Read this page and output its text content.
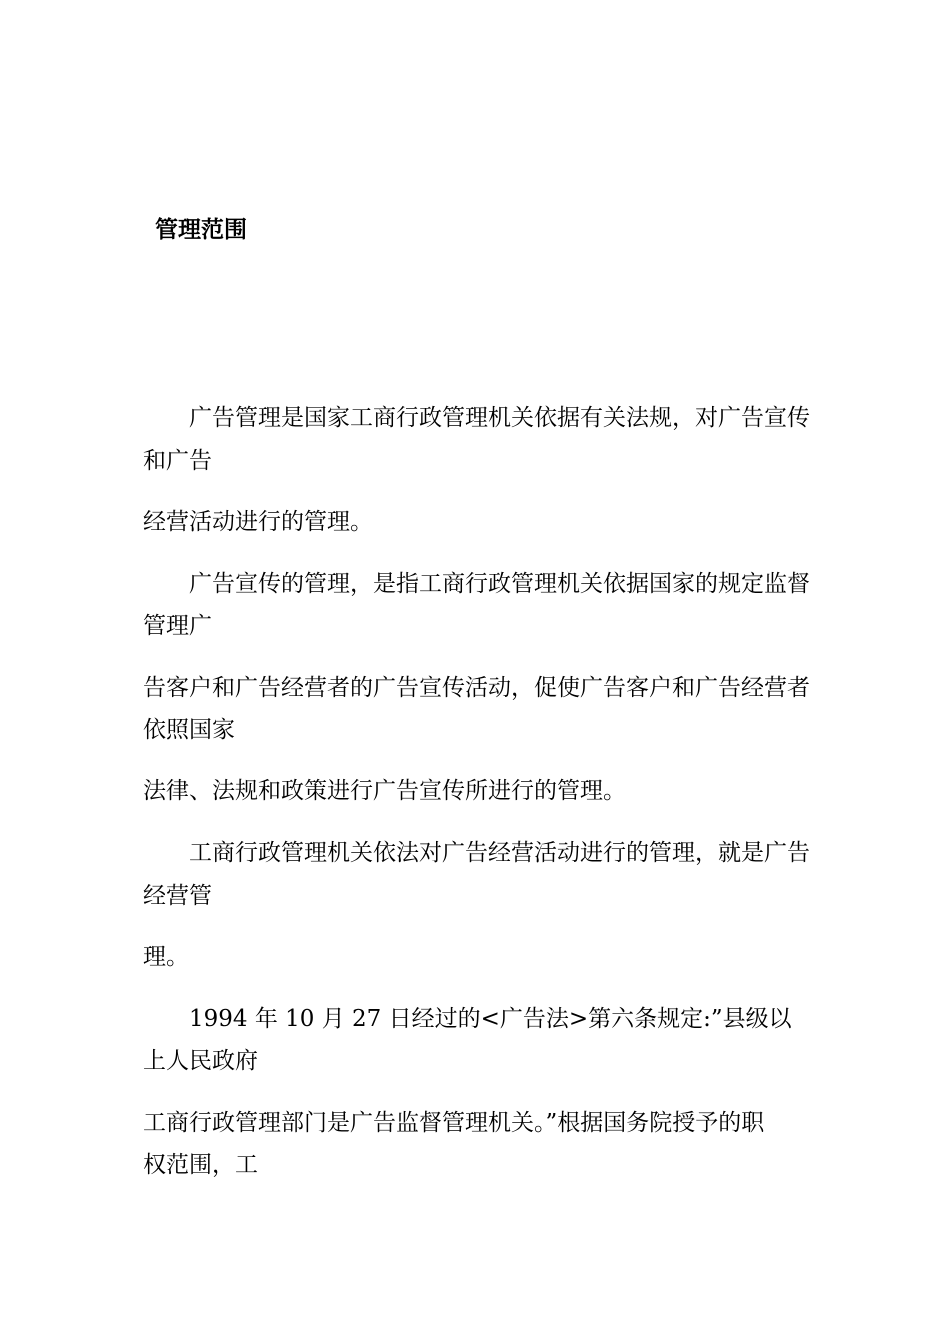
管理范围
广告管理是国家工商行政管理机关依据有关法规，对广告宣传
和广告
经营活动进行的管理。
广告宣传的管理，是指工商行政管理机关依据国家的规定监督
管理广
告客户和广告经营者的广告宣传活动，促使广告客户和广告经营者
依照国家
法律、法规和政策进行广告宣传所进行的管理。
工商行政管理机关依法对广告经营活动进行的管理，就是广告
经营管
理。
1994 年 10 月 27 日经过的<广告法>第六条规定:”县级以
上人民政府
工商行政管理部门是广告监督管理机关。”根据国务院授予的职
权范围，工
